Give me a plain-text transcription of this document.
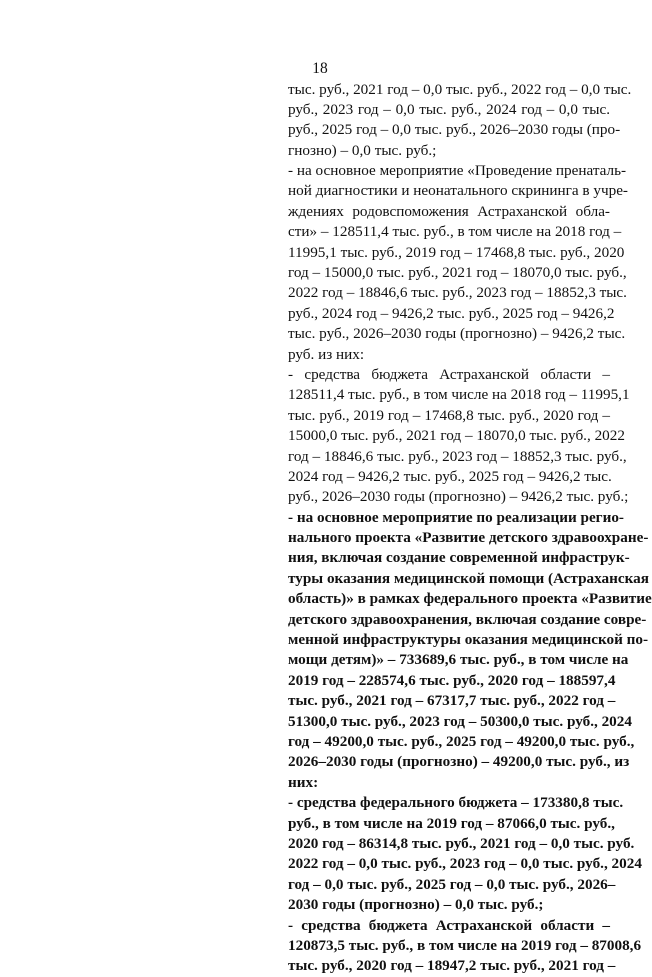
18
тыс. руб., 2021 год – 0,0 тыс. руб., 2022 год – 0,0 тыс.
руб., 2023 год – 0,0 тыс. руб., 2024 год – 0,0 тыс.
руб., 2025 год – 0,0 тыс. руб., 2026–2030 годы (про-
гнозно) – 0,0 тыс. руб.;
- на основное мероприятие «Проведение пренаталь-
ной диагностики и неонатального скрининга в учре-
ждениях родовспоможения Астраханской обла-
сти» – 128511,4 тыс. руб., в том числе на 2018 год –
11995,1 тыс. руб., 2019 год – 17468,8 тыс. руб., 2020
год – 15000,0 тыс. руб., 2021 год – 18070,0 тыс. руб.,
2022 год – 18846,6 тыс. руб., 2023 год – 18852,3 тыс.
руб., 2024 год – 9426,2 тыс. руб., 2025 год – 9426,2
тыс. руб., 2026–2030 годы (прогнозно) – 9426,2 тыс.
руб. из них:
- средства бюджета Астраханской области –
128511,4 тыс. руб., в том числе на 2018 год – 11995,1
тыс. руб., 2019 год – 17468,8 тыс. руб., 2020 год –
15000,0 тыс. руб., 2021 год – 18070,0 тыс. руб., 2022
год – 18846,6 тыс. руб., 2023 год – 18852,3 тыс. руб.,
2024 год – 9426,2 тыс. руб., 2025 год – 9426,2 тыс.
руб., 2026–2030 годы (прогнозно) – 9426,2 тыс. руб.;
- на основное мероприятие по реализации регио-
нального проекта «Развитие детского здравоохране-
ния, включая создание современной инфраструк-
туры оказания медицинской помощи (Астраханская
область)» в рамках федерального проекта «Развитие
детского здравоохранения, включая создание совре-
менной инфраструктуры оказания медицинской по-
мощи детям)» – 733689,6 тыс. руб., в том числе на
2019 год – 228574,6 тыс. руб., 2020 год – 188597,4
тыс. руб., 2021 год – 67317,7 тыс. руб., 2022 год –
51300,0 тыс. руб., 2023 год – 50300,0 тыс. руб., 2024
год – 49200,0 тыс. руб., 2025 год – 49200,0 тыс. руб.,
2026–2030 годы (прогнозно) – 49200,0 тыс. руб., из
них:
- средства федерального бюджета – 173380,8 тыс.
руб., в том числе на 2019 год – 87066,0 тыс. руб.,
2020 год – 86314,8 тыс. руб., 2021 год – 0,0 тыс. руб.
2022 год – 0,0 тыс. руб., 2023 год – 0,0 тыс. руб., 2024
год – 0,0 тыс. руб., 2025 год – 0,0 тыс. руб., 2026–
2030 годы (прогнозно) – 0,0 тыс. руб.;
- средства бюджета Астраханской области –
120873,5 тыс. руб., в том числе на 2019 год – 87008,6
тыс. руб., 2020 год – 18947,2 тыс. руб., 2021 год –
